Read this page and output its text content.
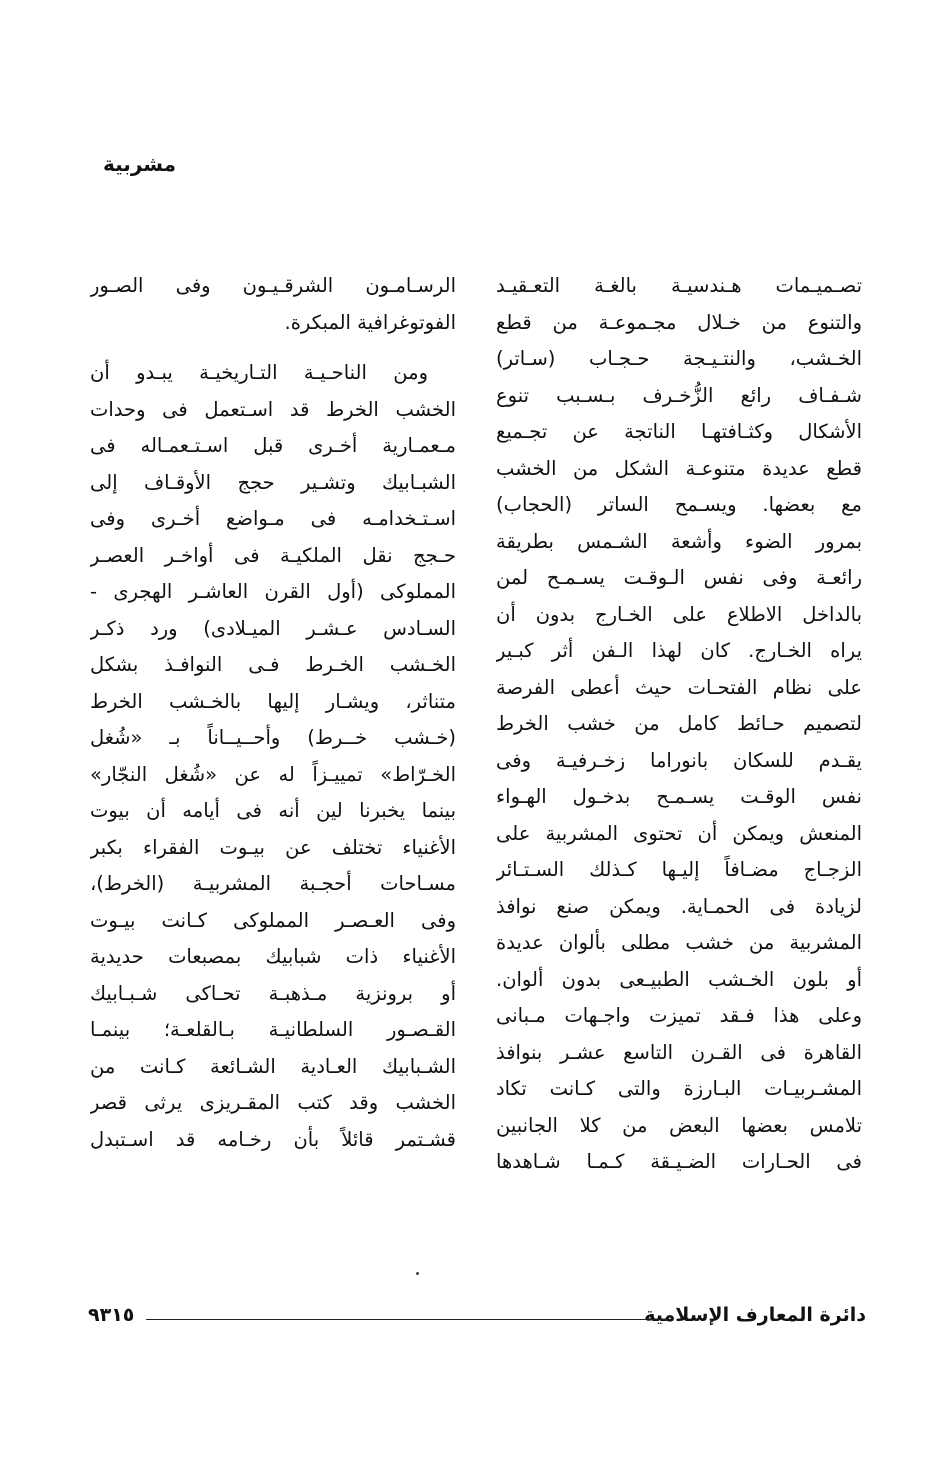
مشربية
تصـميـمات هـندسيـة بالغـة التعـقيـد
والتنوع من خـلال مجـموعـة من قطع
الخـشب، والنتـيـجة حـجـاب (سـاتر)
شـفـاف رائع الزُّخـرف بـسـبب تنوع
الأشكال وكثـافتهـا الناتجة عن تجـميع
قطع عديدة متنوعـة الشكل من الخشب
مع بعضها. ويسـمح الساتر (الحجاب)
بمرور الضوء وأشعة الشـمس بطريقة
رائعـة وفى نفس الـوقـت يسـمـح لمن
بالداخل الاطلاع على الخـارج بدون أن
يراه الخـارج. كان لهذا الـفن أثر كبـير
على نظام الفتحـات حيث أعطى الفرصة
لتصميم حـائط كامل من خشب الخرط
يقـدم للسكان بانوراما زخـرفيـة وفى
نفس الوقـت يسـمـح بدخـول الهـواء
المنعش ويمكن أن تحتوى المشربية على
الزجـاج مضـافاً إليـها كـذلك السـتـائر
لزيادة فى الحمـاية. ويمكن صنع نوافذ
المشربية من خشب مطلى بألوان عديدة
أو بلون الخـشب الطبيـعى بدون ألوان.
وعلى هذا فـقد تميزت واجـهات مـبانى
القاهرة فى القـرن التاسع عشـر بنوافذ
المشـربيـات البـارزة والتى كـانت تكاد
تلامس بعضها البعض من كلا الجانبين
فى الحـارات الضـيـقة كـمـا شـاهدها
الرسـامـون الشرقـيـون وفى الصـور
الفوتوغرافية المبكرة.
ومن الناحـيـة التـاريخيـة يبـدو أن
الخشب الخرط قد اسـتعمل فى وحدات
مـعمـارية أخـرى قبل اسـتـعمـاله فى
الشبـابيك وتشـير حجج الأوقـاف إلى
اسـتـخدامـه فى مـواضع أخـرى وفى
حـجج نقل الملكيـة فى أواخـر العصـر
المملوكى (أول القرن العاشـر الهجرى -
السـادس عـشـر الميـلادى) ورد ذكـر
الخـشب الخـرط فـى النوافـذ بشكل
متناثر، ويشـار إليها بالخـشب الخرط
(خـشب خــرط) وأحــيــاناً بـ «شُغل
الخـرّاط» تمييـزاً له عن «شُغل النجّار»
بينما يخبرنا لين أنه فى أيامه أن بيوت
الأغنياء تختلف عن بيـوت الفقراء بكبر
مسـاحات أحجـبة المشربيـة (الخرط)،
وفى العـصـر المملوكى كـانت بيـوت
الأغنياء ذات شبابيك بمصبعات حديدية
أو برونزية مـذهبـة تحـاكى شـبـابيك
القـصـور السلطانيـة بـالقلعـة؛ بينمـا
الشـبابيك العـادية الشـائعة كـانت من
الخشب وقد كتب المقـريزى يرثى قصر
قشـتمر قائلاً بأن رخـامه قد اسـتبدل
دائرة المعارف الإسلامية
٩٣١٥
